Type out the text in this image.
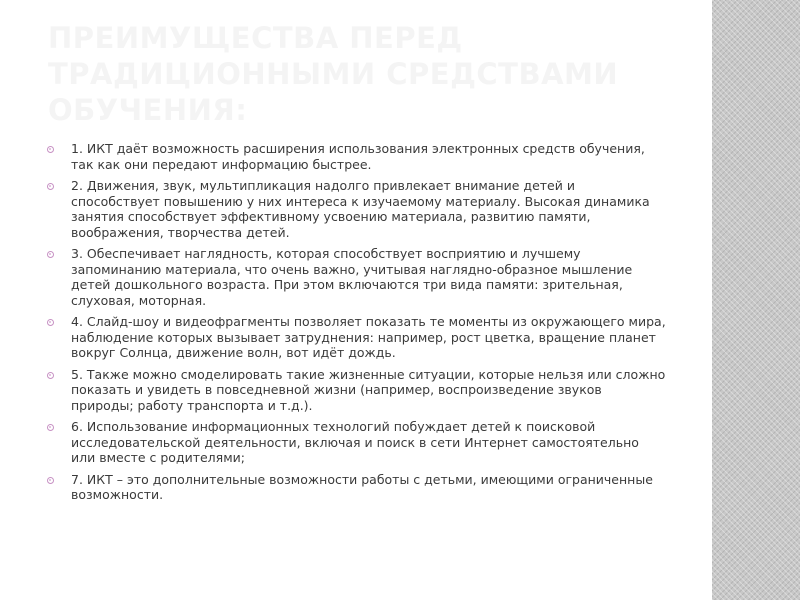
ПРЕИМУЩЕСТВА ПЕРЕД ТРАДИЦИОННЫМИ СРЕДСТВАМИ ОБУЧЕНИЯ:
1. ИКТ даёт возможность расширения использования электронных средств обучения, так как они передают информацию быстрее.
2. Движения, звук, мультипликация надолго привлекает внимание детей и способствует повышению у них интереса к изучаемому материалу. Высокая динамика занятия способствует эффективному усвоению материала, развитию памяти, воображения, творчества детей.
3. Обеспечивает наглядность, которая способствует восприятию и лучшему запоминанию материала, что очень важно, учитывая наглядно-образное мышление детей дошкольного возраста. При этом включаются три вида памяти: зрительная, слуховая, моторная.
4. Слайд-шоу и видеофрагменты позволяет показать те моменты из окружающего мира, наблюдение которых вызывает затруднения: например, рост цветка, вращение планет вокруг Солнца, движение волн, вот идёт дождь.
5. Также можно смоделировать такие жизненные ситуации, которые нельзя или сложно показать и увидеть в повседневной жизни (например, воспроизведение звуков природы; работу транспорта и т.д.).
6. Использование информационных технологий побуждает детей к поисковой исследовательской деятельности, включая и поиск в сети Интернет самостоятельно или вместе с родителями;
7. ИКТ – это дополнительные возможности работы с детьми, имеющими ограниченные возможности.
